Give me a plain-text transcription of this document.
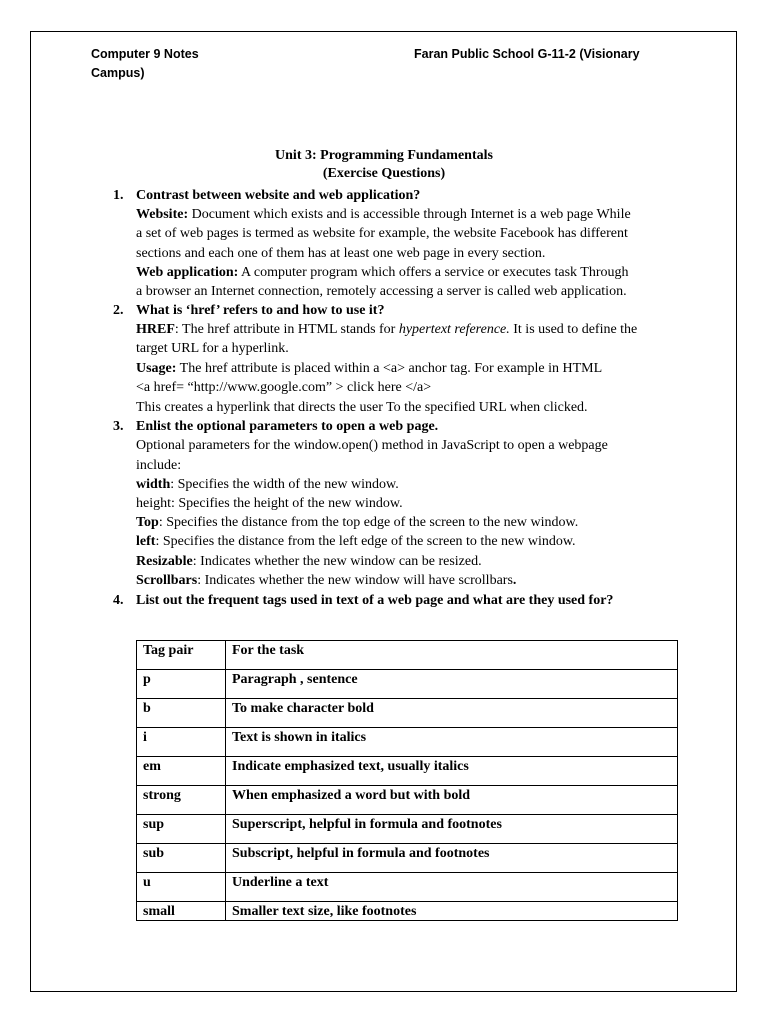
Computer 9 Notes	Faran Public School G-11-2 (Visionary
Campus)
Unit 3: Programming Fundamentals
(Exercise Questions)
1. Contrast between website and web application?
Website: Document which exists and is accessible through Internet is a web page While
a set of web pages is termed as website for example, the website Facebook has different
sections and each one of them has at least one web page in every section.
Web application: A computer program which offers a service or executes task Through
a browser an Internet connection, remotely accessing a server is called web application.
2. What is ‘href’ refers to and how to use it?
HREF: The href attribute in HTML stands for hypertext reference. It is used to define the
target URL for a hyperlink.
Usage: The href attribute is placed within a <a> anchor tag. For example in HTML
<a href= “http://www.google.com” > click here </a>
This creates a hyperlink that directs the user To the specified URL when clicked.
3. Enlist the optional parameters to open a web page.
Optional parameters for the window.open() method in JavaScript to open a webpage
include:
width: Specifies the width of the new window.
height: Specifies the height of the new window.
Top: Specifies the distance from the top edge of the screen to the new window.
left: Specifies the distance from the left edge of the screen to the new window.
Resizable: Indicates whether the new window can be resized.
Scrollbars: Indicates whether the new window will have scrollbars.
4. List out the frequent tags used in text of a web page and what are they used for?
Tag pair	For the task
p	Paragraph , sentence
b	To make character bold
i	Text is shown in italics
em	Indicate emphasized text, usually italics
strong	When emphasized a word but with bold
sup	Superscript, helpful in formula and footnotes
sub	Subscript, helpful in formula and footnotes
u	Underline a text
small	Smaller text size, like footnotes
